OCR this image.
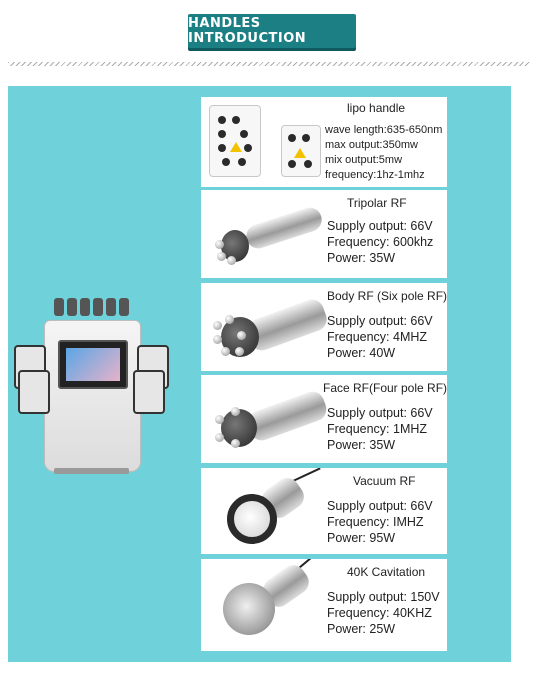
HANDLES INTRODUCTION
lipo handle
wave length:635-650nm
max output:350mw
mix output:5mw
frequency:1hz-1mhz
Tripolar RF
Supply output: 66V
Frequency: 600khz
Power: 35W
Body RF (Six pole RF)
Supply output: 66V
Frequency: 4MHZ
Power: 40W
Face RF(Four pole RF)
Supply output: 66V
Frequency: 1MHZ
Power: 35W
Vacuum RF
Supply output: 66V
Frequency: IMHZ
Power: 95W
40K Cavitation
Supply output: 150V
Frequency: 40KHZ
Power: 25W
